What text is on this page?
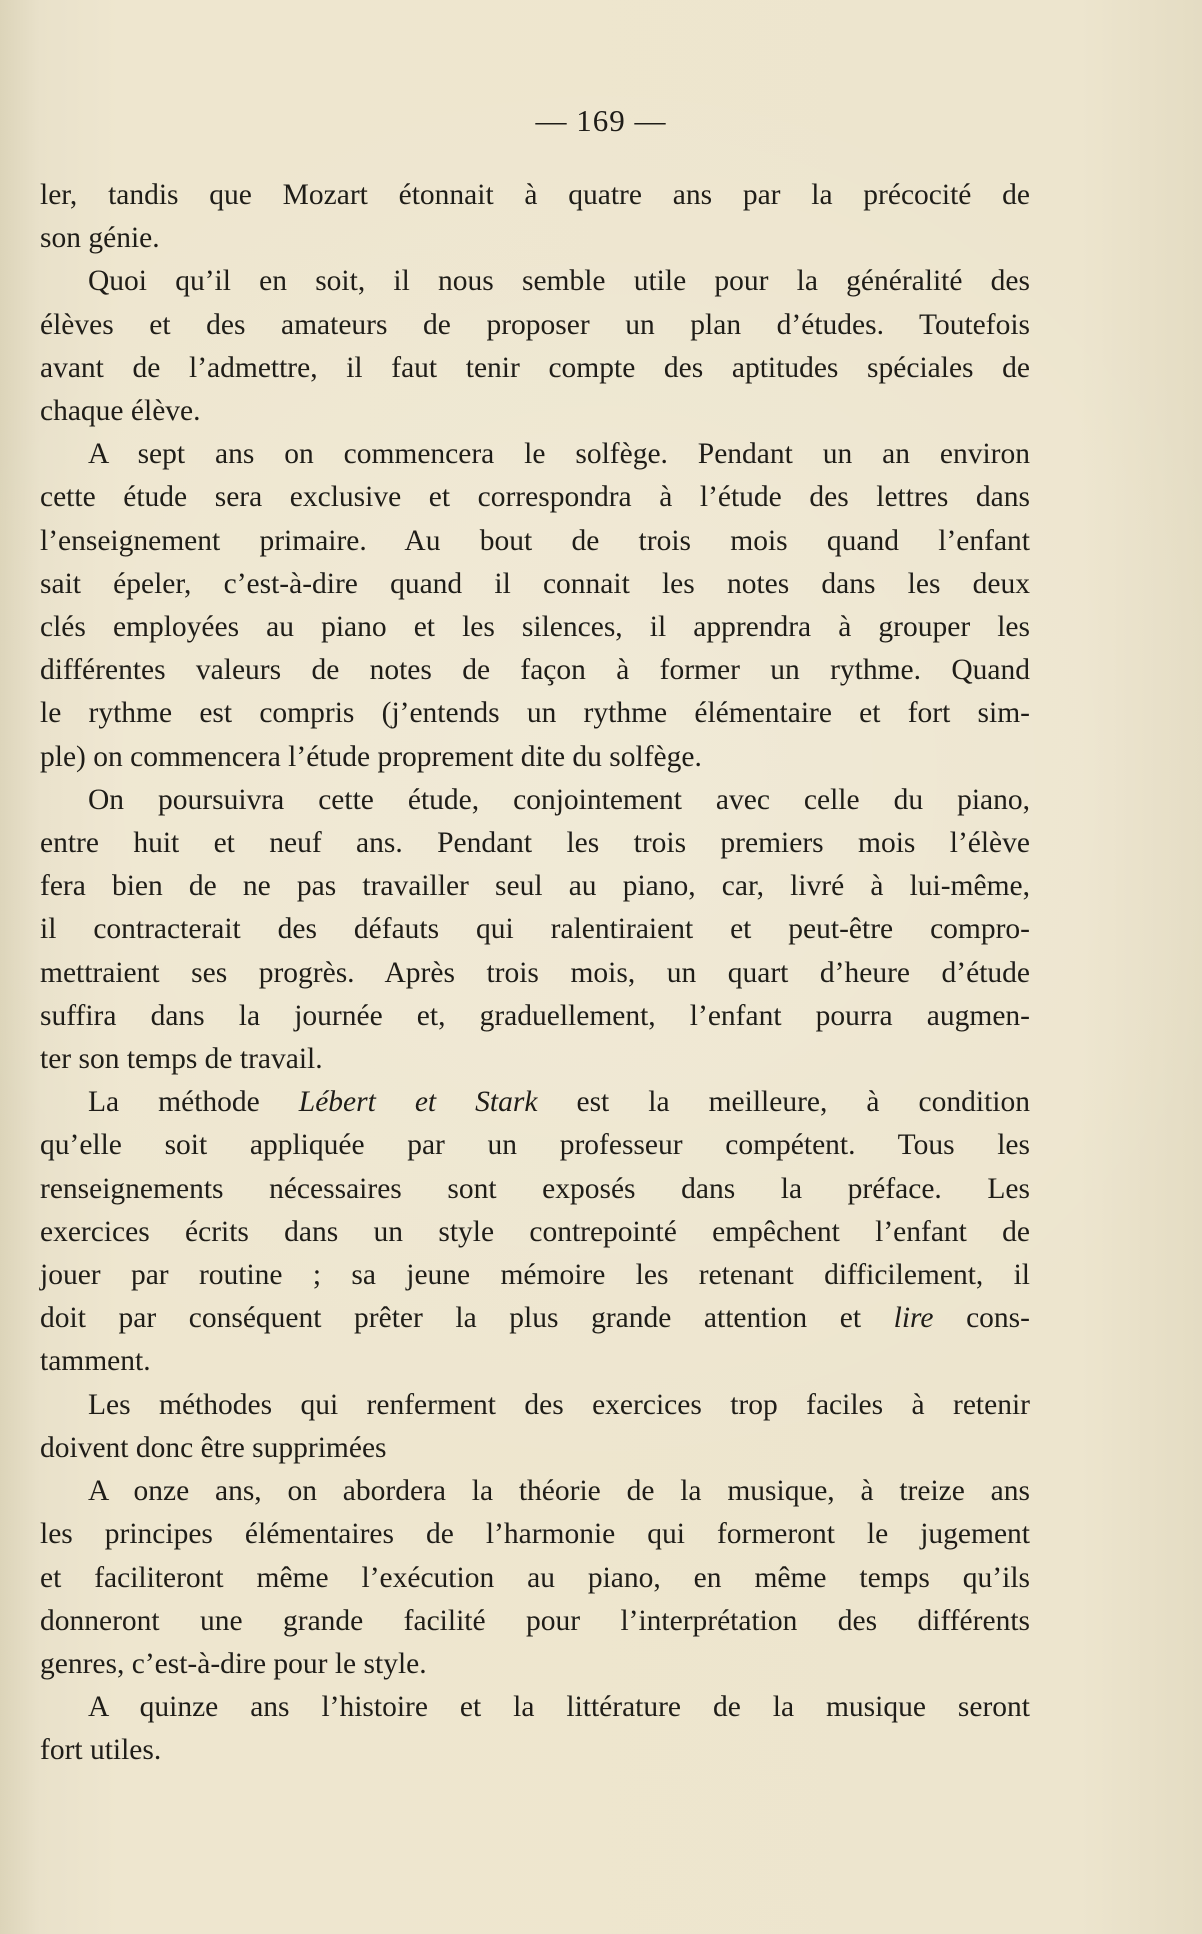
— 169 —
ler, tandis que Mozart étonnait à quatre ans par la précocité de
son génie.
Quoi qu’il en soit, il nous semble utile pour la généralité des
élèves et des amateurs de proposer un plan d’études. Toutefois
avant de l’admettre, il faut tenir compte des aptitudes spéciales de
chaque élève.
A sept ans on commencera le solfège. Pendant un an environ
cette étude sera exclusive et correspondra à l’étude des lettres dans
l’enseignement primaire. Au bout de trois mois quand l’enfant
sait épeler, c’est-à-dire quand il connait les notes dans les deux
clés employées au piano et les silences, il apprendra à grouper les
différentes valeurs de notes de façon à former un rythme. Quand
le rythme est compris (j’entends un rythme élémentaire et fort sim-
ple) on commencera l’étude proprement dite du solfège.
On poursuivra cette étude, conjointement avec celle du piano,
entre huit et neuf ans. Pendant les trois premiers mois l’élève
fera bien de ne pas travailler seul au piano, car, livré à lui-même,
il contracterait des défauts qui ralentiraient et peut-être compro-
mettraient ses progrès. Après trois mois, un quart d’heure d’étude
suffira dans la journée et, graduellement, l’enfant pourra augmen-
ter son temps de travail.
La méthode Lébert et Stark est la meilleure, à condition
qu’elle soit appliquée par un professeur compétent. Tous les
renseignements nécessaires sont exposés dans la préface. Les
exercices écrits dans un style contrepointé empêchent l’enfant de
jouer par routine ; sa jeune mémoire les retenant difficilement, il
doit par conséquent prêter la plus grande attention et lire cons-
tamment.
Les méthodes qui renferment des exercices trop faciles à retenir
doivent donc être supprimées
A onze ans, on abordera la théorie de la musique, à treize ans
les principes élémentaires de l’harmonie qui formeront le jugement
et faciliteront même l’exécution au piano, en même temps qu’ils
donneront une grande facilité pour l’interprétation des différents
genres, c’est-à-dire pour le style.
A quinze ans l’histoire et la littérature de la musique seront
fort utiles.
